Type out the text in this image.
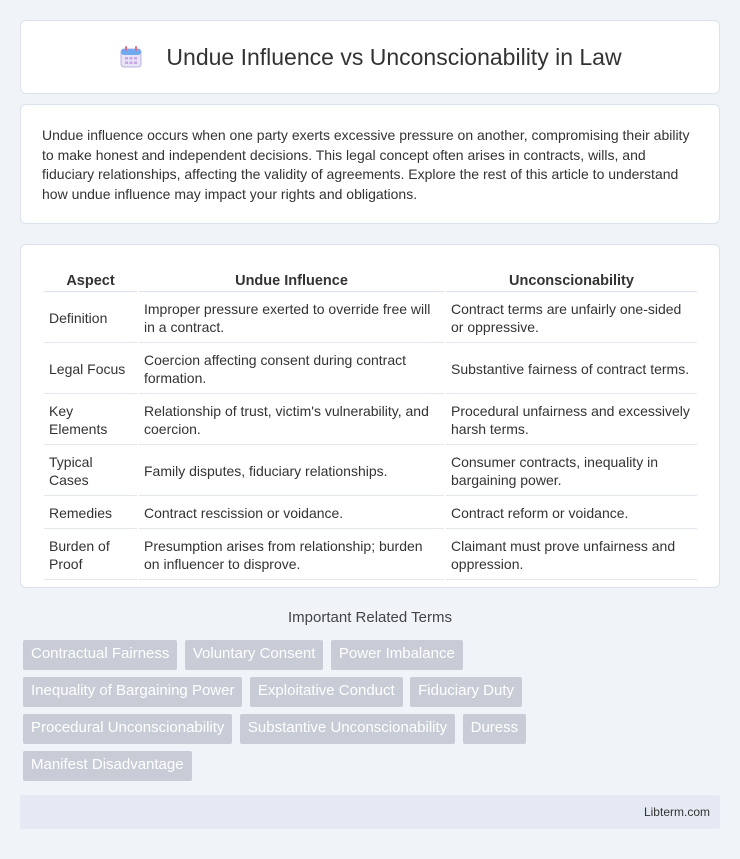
Undue Influence vs Unconscionability in Law

Undue influence occurs when one party exerts excessive pressure on another, compromising their ability to make honest and independent decisions. This legal concept often arises in contracts, wills, and fiduciary relationships, affecting the validity of agreements. Explore the rest of this article to understand how undue influence may impact your rights and obligations.

Aspect	Undue Influence	Unconscionability
Definition	Improper pressure exerted to override free will in a contract.	Contract terms are unfairly one-sided or oppressive.
Legal Focus	Coercion affecting consent during contract formation.	Substantive fairness of contract terms.
Key Elements	Relationship of trust, victim's vulnerability, and coercion.	Procedural unfairness and excessively harsh terms.
Typical Cases	Family disputes, fiduciary relationships.	Consumer contracts, inequality in bargaining power.
Remedies	Contract rescission or voidance.	Contract reform or voidance.
Burden of Proof	Presumption arises from relationship; burden on influencer to disprove.	Claimant must prove unfairness and oppression.
Important Related Terms
Contractual Fairness Voluntary Consent Power Imbalance
Inequality of Bargaining Power Exploitative Conduct Fiduciary Duty
Procedural Unconscionability Substantive Unconscionability Duress
Manifest Disadvantage
Libterm.com
